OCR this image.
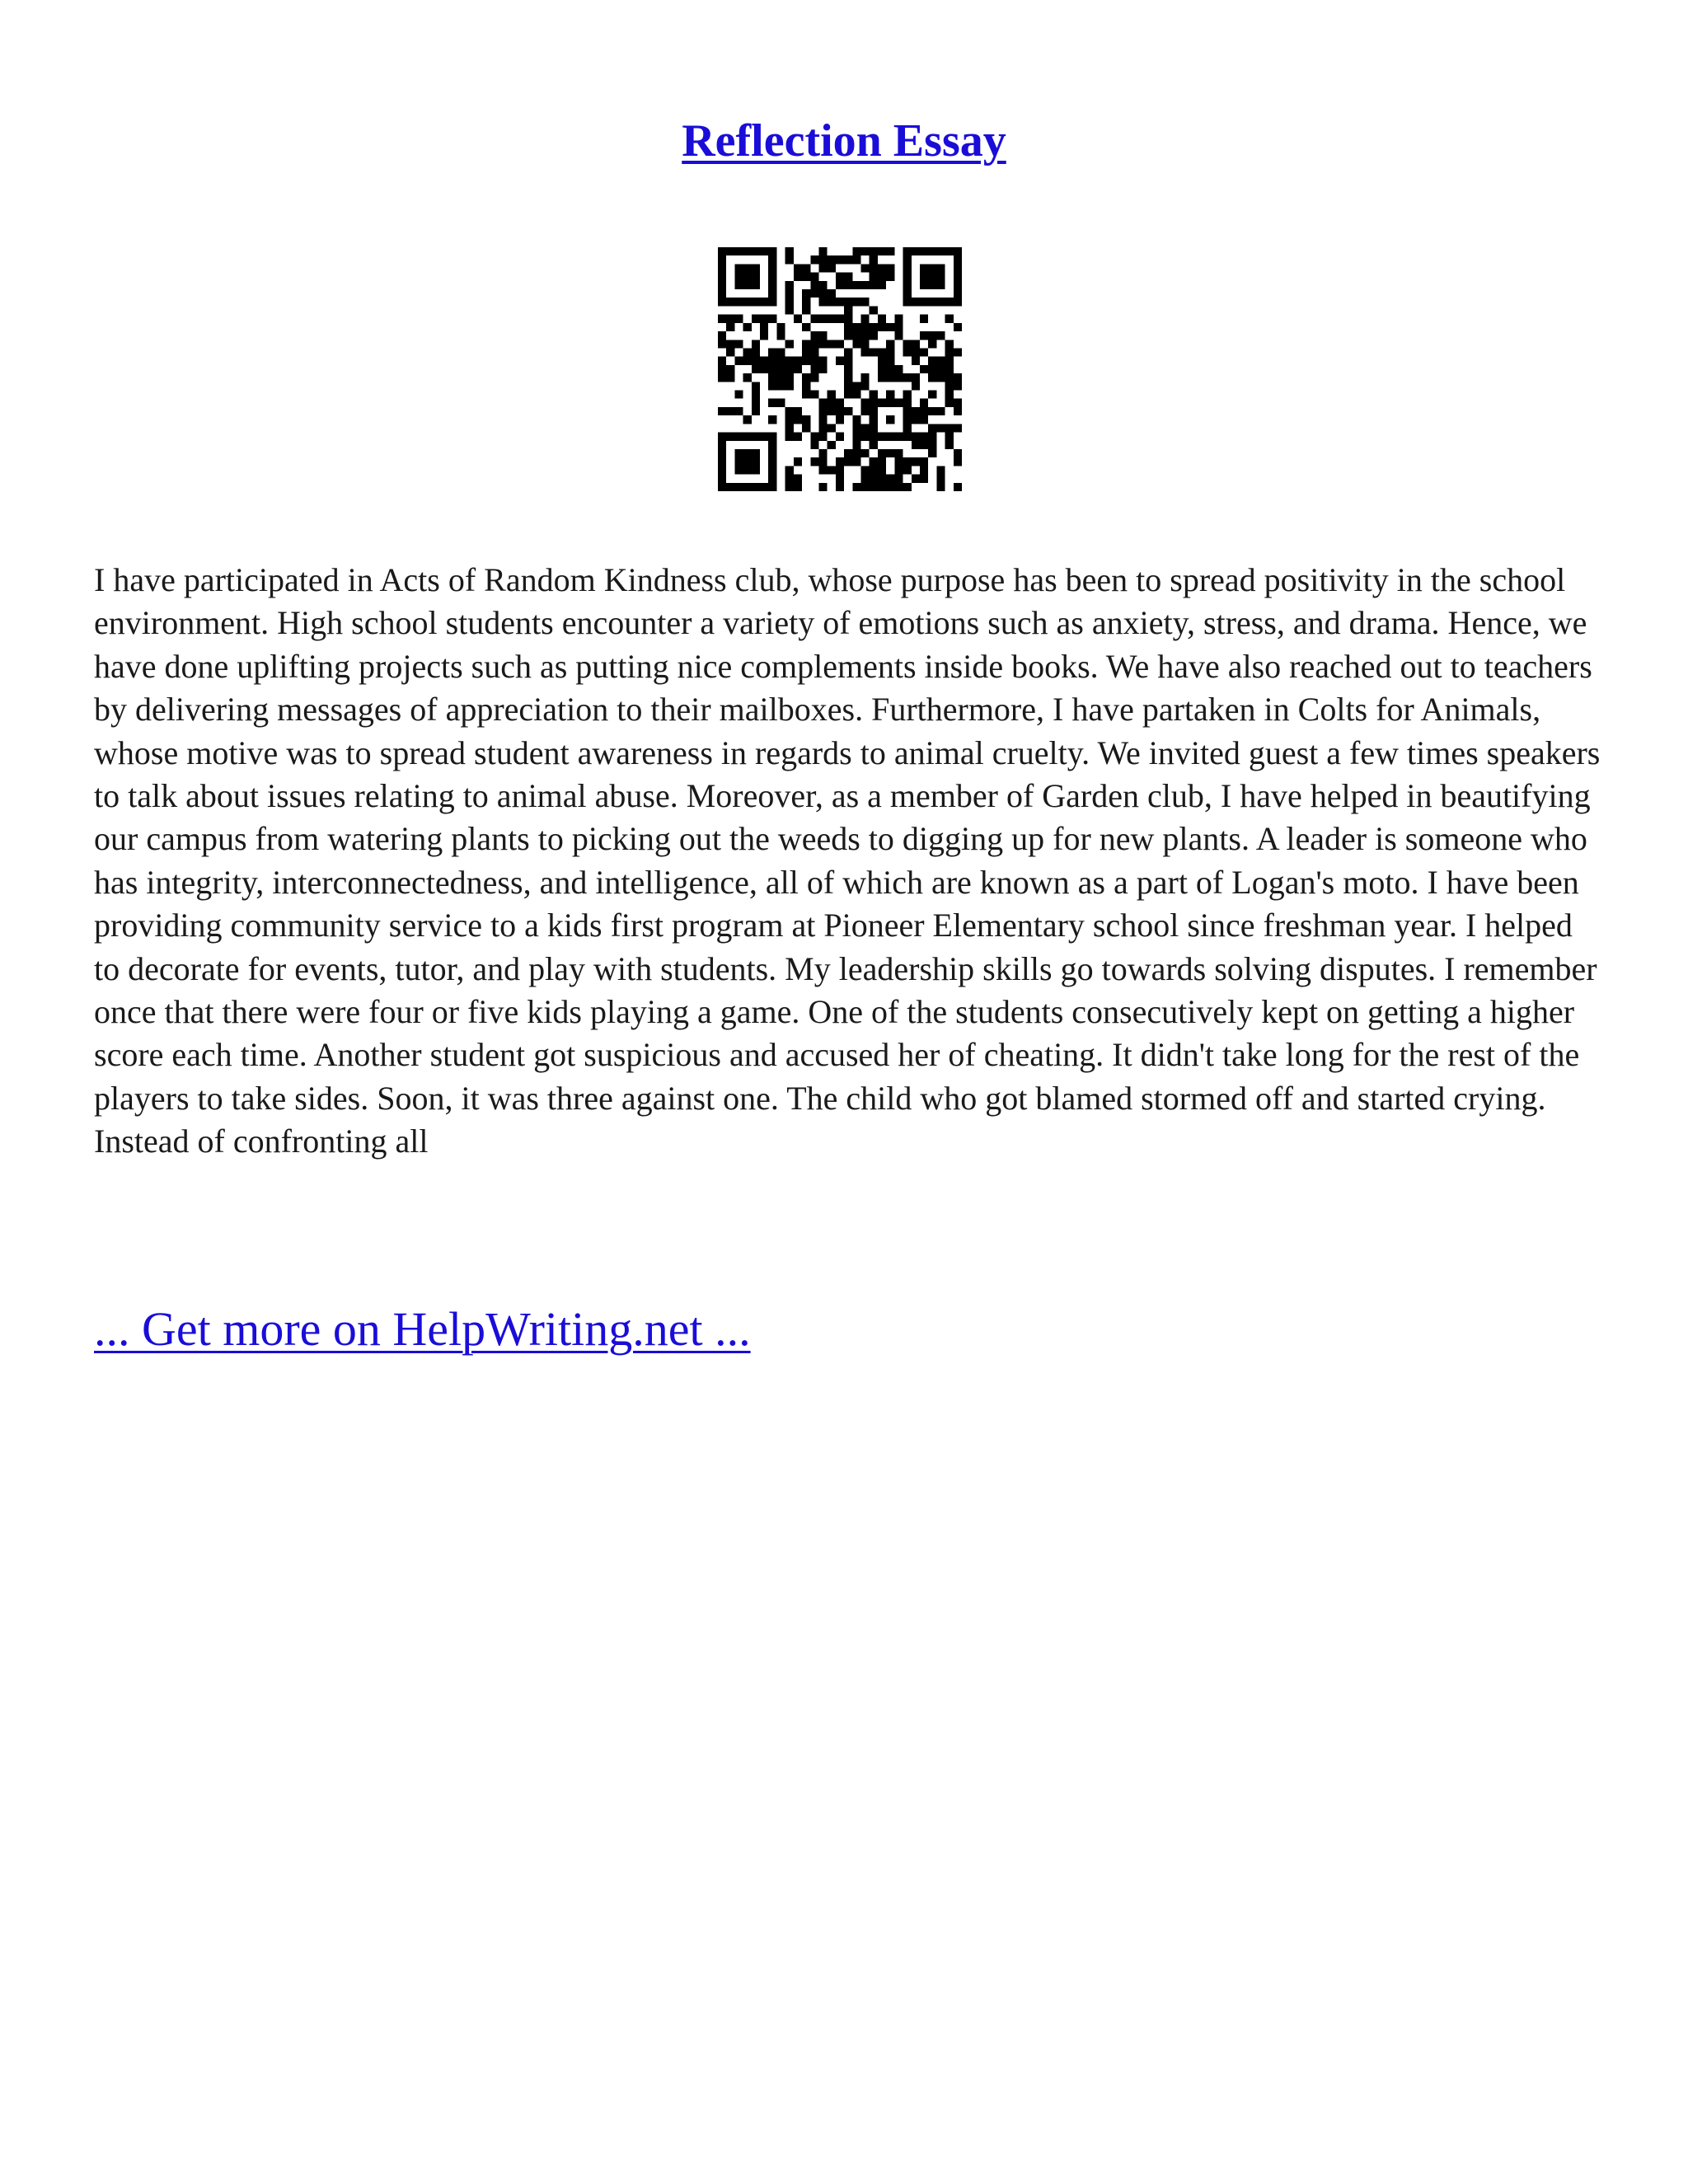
Reflection Essay

I have participated in Acts of Random Kindness club, whose purpose has been to spread positivity in the school environment. High school students encounter a variety of emotions such as anxiety, stress, and drama. Hence, we have done uplifting projects such as putting nice complements inside books. We have also reached out to teachers by delivering messages of appreciation to their mailboxes. Furthermore, I have partaken in Colts for Animals, whose motive was to spread student awareness in regards to animal cruelty. We invited guest a few times speakers to talk about issues relating to animal abuse. Moreover, as a member of Garden club, I have helped in beautifying our campus from watering plants to picking out the weeds to digging up for new plants. A leader is someone who has integrity, interconnectedness, and intelligence, all of which are known as a part of Logan's moto. I have been providing community service to a kids first program at Pioneer Elementary school since freshman year. I helped to decorate for events, tutor, and play with students. My leadership skills go towards solving disputes. I remember once that there were four or five kids playing a game. One of the students consecutively kept on getting a higher score each time. Another student got suspicious and accused her of cheating. It didn't take long for the rest of the players to take sides. Soon, it was three against one. The child who got blamed stormed off and started crying. Instead of confronting all

... Get more on HelpWriting.net ...
